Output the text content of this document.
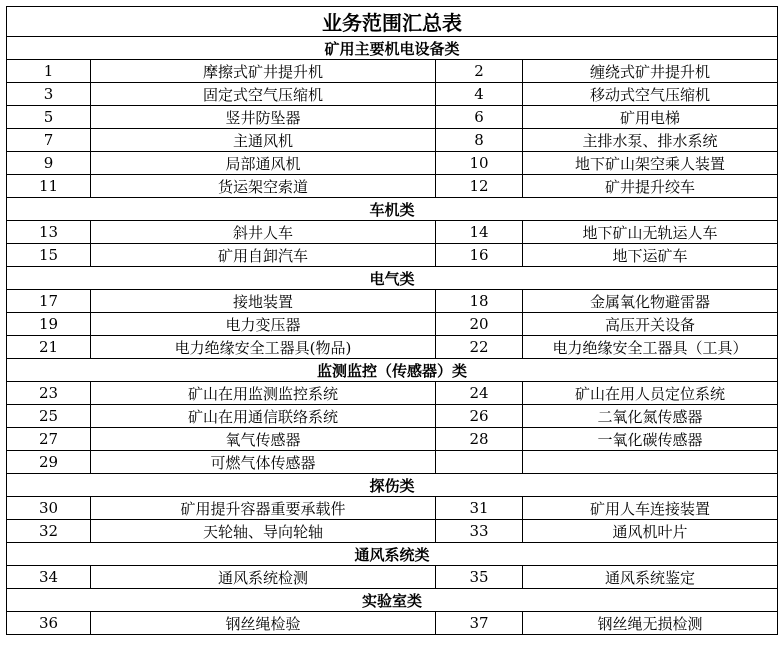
业务范围汇总表			
矿用主要机电设备类			
1	摩擦式矿井提升机	2	缠绕式矿井提升机
3	固定式空气压缩机	4	移动式空气压缩机
5	竖井防坠器	6	矿用电梯
7	主通风机	8	主排水泵、排水系统
9	局部通风机	10	地下矿山架空乘人装置
11	货运架空索道	12	矿井提升绞车
车机类			
13	斜井人车	14	地下矿山无轨运人车
15	矿用自卸汽车	16	地下运矿车
电气类			
17	接地装置	18	金属氧化物避雷器
19	电力变压器	20	高压开关设备
21	电力绝缘安全工器具(物品)	22	电力绝缘安全工器具（工具）
监测监控（传感器）类			
23	矿山在用监测监控系统	24	矿山在用人员定位系统
25	矿山在用通信联络系统	26	二氧化氮传感器
27	氧气传感器	28	一氧化碳传感器
29	可燃气体传感器		
探伤类			
30	矿用提升容器重要承载件	31	矿用人车连接装置
32	天轮轴、导向轮轴	33	通风机叶片
通风系统类			
34	通风系统检测	35	通风系统鉴定
实验室类			
36	钢丝绳检验	37	钢丝绳无损检测
